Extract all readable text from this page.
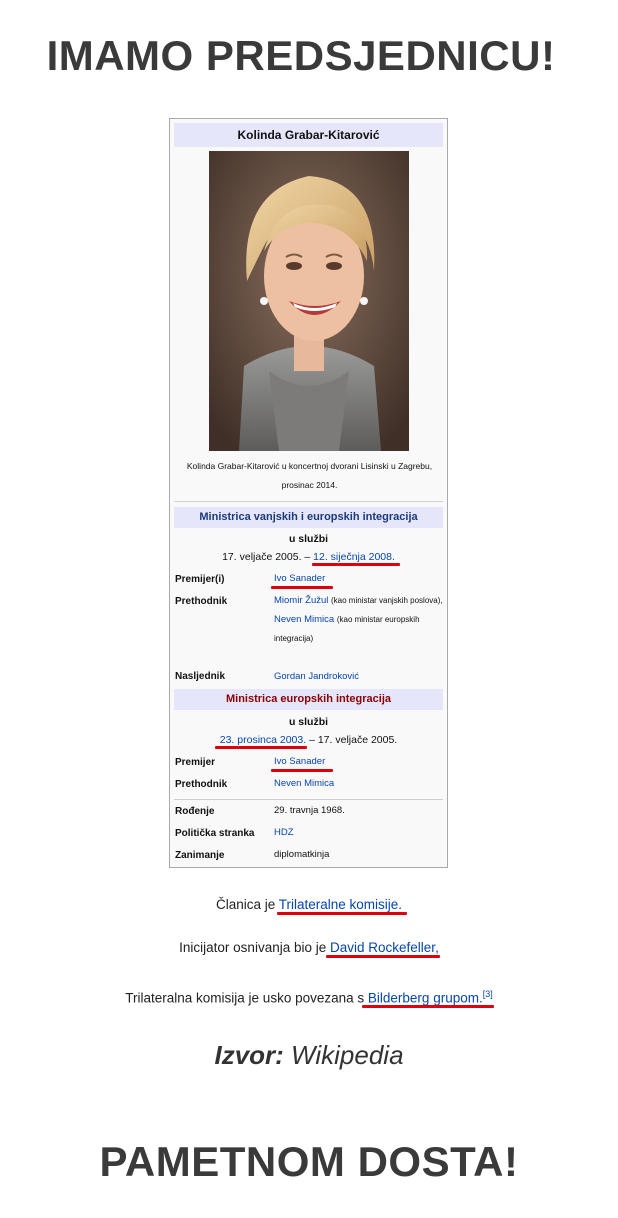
IMAMO PREDSJEDNICU!
Kolinda Grabar-Kitarović
Kolinda Grabar-Kitarović u koncertnoj dvorani Lisinski u Zagrebu, prosinac 2014.
Ministrica vanjskih i europskih integracija
u službi
17. veljače 2005. – 12. siječnja 2008.
Premijer(i)	Ivo Sanader
Prethodnik	Miomir Žužul (kao ministar vanjskih poslova),
Neven Mimica (kao ministar europskih integracija)
Nasljednik	Gordan Jandroković
Ministrica europskih integracija
u službi
23. prosinca 2003. – 17. veljače 2005.
Premijer	Ivo Sanader
Prethodnik	Neven Mimica
Rođenje	29. travnja 1968.
Politička stranka HDZ
Zanimanje	diplomatkinja
Članica je Trilateralne komisije.
Inicijator osnivanja bio je David Rockefeller,
Trilateralna komisija je usko povezana s Bilderberg grupom.[3]
Izvor: Wikipedia
PAMETNOM DOSTA!
